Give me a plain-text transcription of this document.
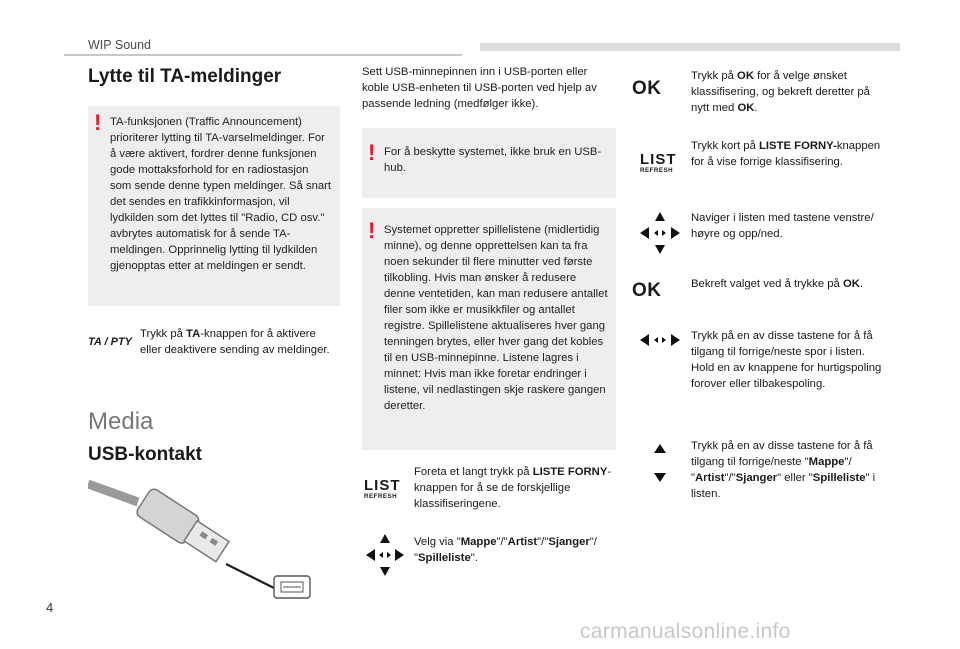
WIP Sound
Lytte til TA-meldinger
! TA-funksjonen (Traffic Announcement) prioriterer lytting til TA-varselmeldinger. For å være aktivert, fordrer denne funksjonen gode mottaksforhold for en radiostasjon som sende denne typen meldinger. Så snart det sendes en trafikkinformasjon, vil lydkilden som det lyttes til "Radio, CD osv." avbrytes automatisk for å sende TA-meldingen. Opprinnelig lytting til lydkilden gjenopptas etter at meldingen er sendt.
TA / PTY

Trykk på TA-knappen for å aktivere eller deaktivere sending av meldinger.

Media
USB-kontakt

Sett USB-minnepinnen inn i USB-porten eller koble USB-enheten til USB-porten ved hjelp av passende ledning (medfølger ikke).

! For å beskytte systemet, ikke bruk en USB-hub.
! Systemet oppretter spillelistene (midlertidig minne), og denne opprettelsen kan ta fra noen sekunder til flere minutter ved første tilkobling. Hvis man ønsker å redusere denne ventetiden, kan man redusere antallet filer som ikke er musikkfiler og antallet registre. Spillelistene aktualiseres hver gang tenningen brytes, eller hver gang det kobles til en USB-minnepinne. Listene lagres i minnet: Hvis man ikke foretar endringer i listene, vil nedlastingen skje raskere gangen deretter.
LIST
REFRESH

Foreta et langt trykk på LISTE FORNY-knappen for å se de forskjellige klassifiseringene.

Velg via "Mappe"/"Artist"/"Sjanger"/ "Spilleliste".

OK

Trykk på OK for å velge ønsket klassifisering, og bekreft deretter på nytt med OK.

LIST
REFRESH

Trykk kort på LISTE FORNY-knappen for å vise forrige klassifisering.

Naviger i listen med tastene venstre/ høyre og opp/ned.

OK	Bekreft valget ved å trykke på OK.

Trykk på en av disse tastene for å få tilgang til forrige/neste spor i listen. Hold en av knappene for hurtigspoling forover eller tilbakespoling.

Trykk på en av disse tastene for å få tilgang til forrige/neste "Mappe"/ "Artist"/"Sjanger" eller "Spilleliste" i listen.

4
carmanualsonline.info
